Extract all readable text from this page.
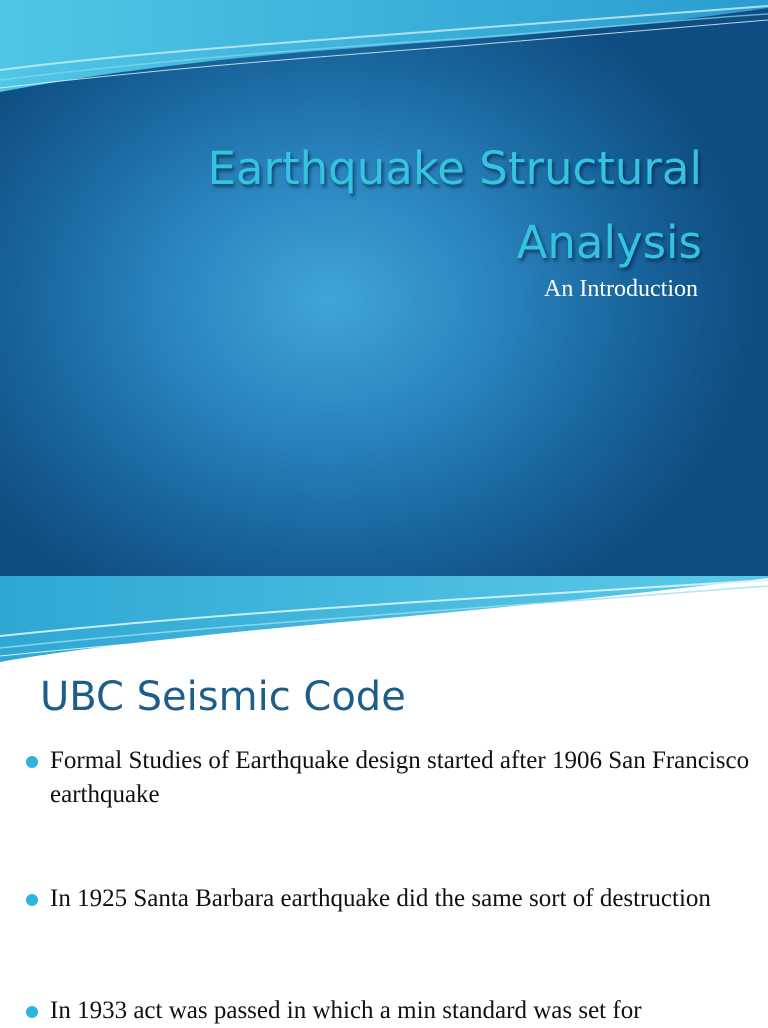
Earthquake Structural Analysis

An Introduction

UBC Seismic Code
Formal Studies of Earthquake design started after 1906 San Francisco earthquake
In 1925 Santa Barbara earthquake did the same sort of destruction
In 1933 act was passed in which a min standard was set for
